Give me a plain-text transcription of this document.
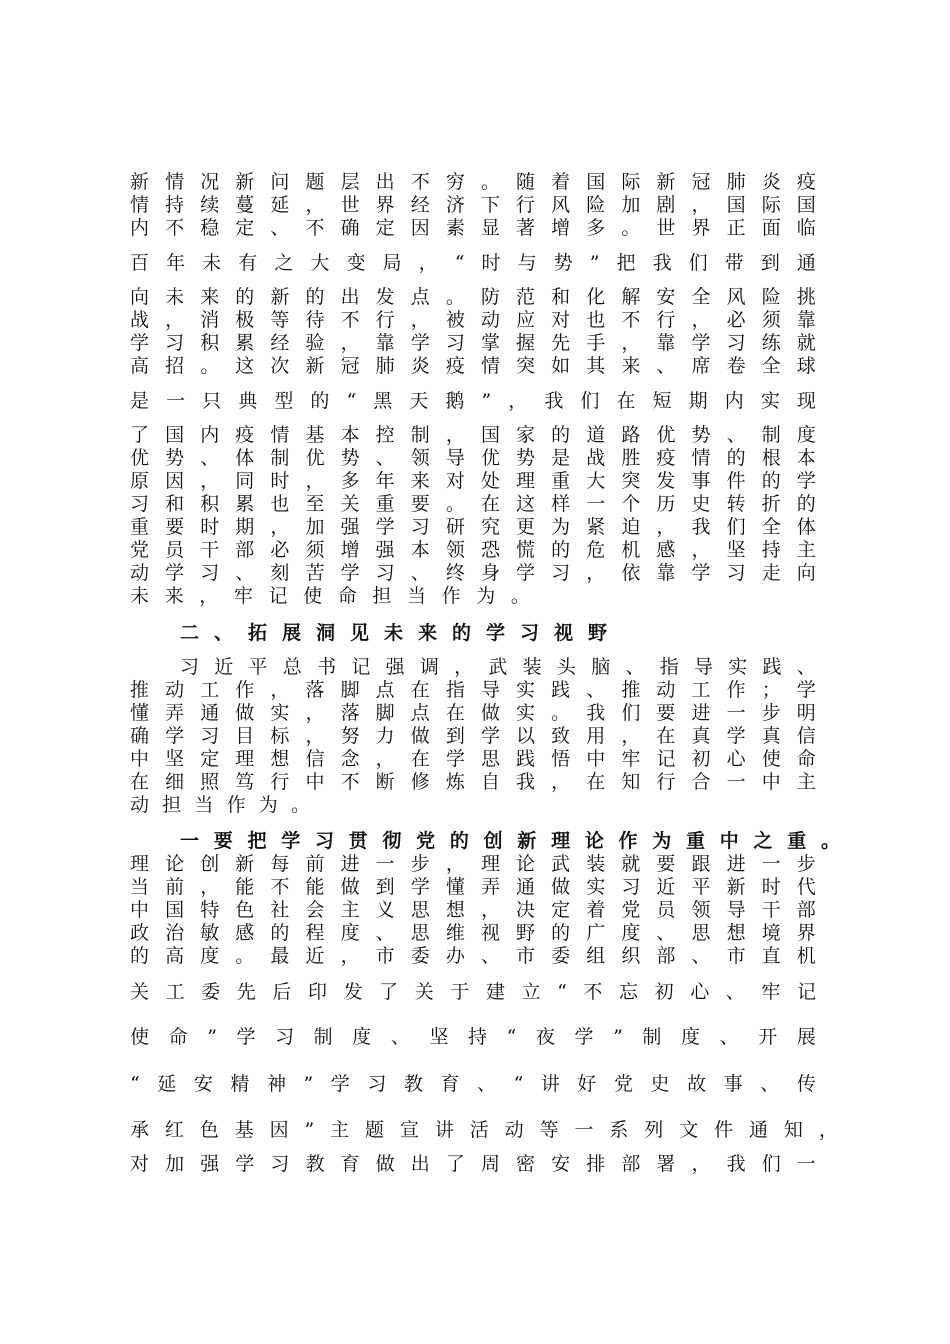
新 情 况 新 问 题 层 出 不 穷 。 随 着 国 际 新 冠 肺 炎 疫
情 持 续 蔓 延 ， 世 界 经 济 下 行 风 险 加 剧 ， 国 际 国
内 不 稳 定 、 不 确 定 因 素 显 著 增 多 。 世 界 正 面 临
百 年 未 有 之 大 变 局 ， “ 时 与 势 ” 把 我 们 带 到 通
向 未 来 的 新 的 出 发 点 。 防 范 和 化 解 安 全 风 险 挑
战 ， 消 极 等 待 不 行 ， 被 动 应 对 也 不 行 ， 必 须 靠
学 习 积 累 经 验 ， 靠 学 习 掌 握 先 手 ， 靠 学 习 练 就
高 招 。 这 次 新 冠 肺 炎 疫 情 突 如 其 来 、 席 卷 全 球
是 一 只 典 型 的 “ 黑 天 鹅 ” ， 我 们 在 短 期 内 实 现
了 国 内 疫 情 基 本 控 制 ， 国 家 的 道 路 优 势 、 制 度
优 势 、 体 制 优 势 、 领 导 优 势 是 战 胜 疫 情 的 根 本
原 因 ， 同 时 ， 多 年 来 对 处 理 重 大 突 发 事 件 的 学
习 和 积 累 也 至 关 重 要 。 在 这 样 一 个 历 史 转 折 的
重 要 时 期 ， 加 强 学 习 研 究 更 为 紧 迫 ， 我 们 全 体
党 员 干 部 必 须 增 强 本 领 恐 慌 的 危 机 感 ， 坚 持 主
动 学 习 、 刻 苦 学 习 、 终 身 学 习 ， 依 靠 学 习 走 向
未 来 ， 牢 记 使 命 担 当 作 为 。
二、拓展洞见未来的学习视野
习 近 平 总 书 记 强 调 ， 武 装 头 脑 、 指 导 实 践 、
推 动 工 作 ， 落 脚 点 在 指 导 实 践 、 推 动 工 作 ； 学
懂 弄 通 做 实 ， 落 脚 点 在 做 实 。 我 们 要 进 一 步 明
确 学 习 目 标 ， 努 力 做 到 学 以 致 用 ， 在 真 学 真 信
中 坚 定 理 想 信 念 ， 在 学 思 践 悟 中 牢 记 初 心 使 命
在 细 照 笃 行 中 不 断 修 炼 自 我 ， 在 知 行 合 一 中 主
动 担 当 作 为 。
一 要 把 学 习 贯 彻 党 的 创 新 理 论 作 为 重 中 之 重 。
理 论 创 新 每 前 进 一 步 ， 理 论 武 装 就 要 跟 进 一 步
当 前 ， 能 不 能 做 到 学 懂 弄 通 做 实 习 近 平 新 时 代
中 国 特 色 社 会 主 义 思 想 ， 决 定 着 党 员 领 导 干 部
政 治 敏 感 的 程 度 、 思 维 视 野 的 广 度 、 思 想 境 界
的 高 度 。 最 近 ， 市 委 办 、 市 委 组 织 部 、 市 直 机
关 工 委 先 后 印 发 了 关 于 建 立 “ 不 忘 初 心 、 牢 记
使 命 ” 学 习 制 度 、 坚 持 “ 夜 学 ” 制 度 、 开 展
“ 延 安 精 神 ” 学 习 教 育 、 “ 讲 好 党 史 故 事 、 传
承 红 色 基 因 ” 主 题 宣 讲 活 动 等 一 系 列 文 件 通 知 ，
对 加 强 学 习 教 育 做 出 了 周 密 安 排 部 署 ， 我 们 一
